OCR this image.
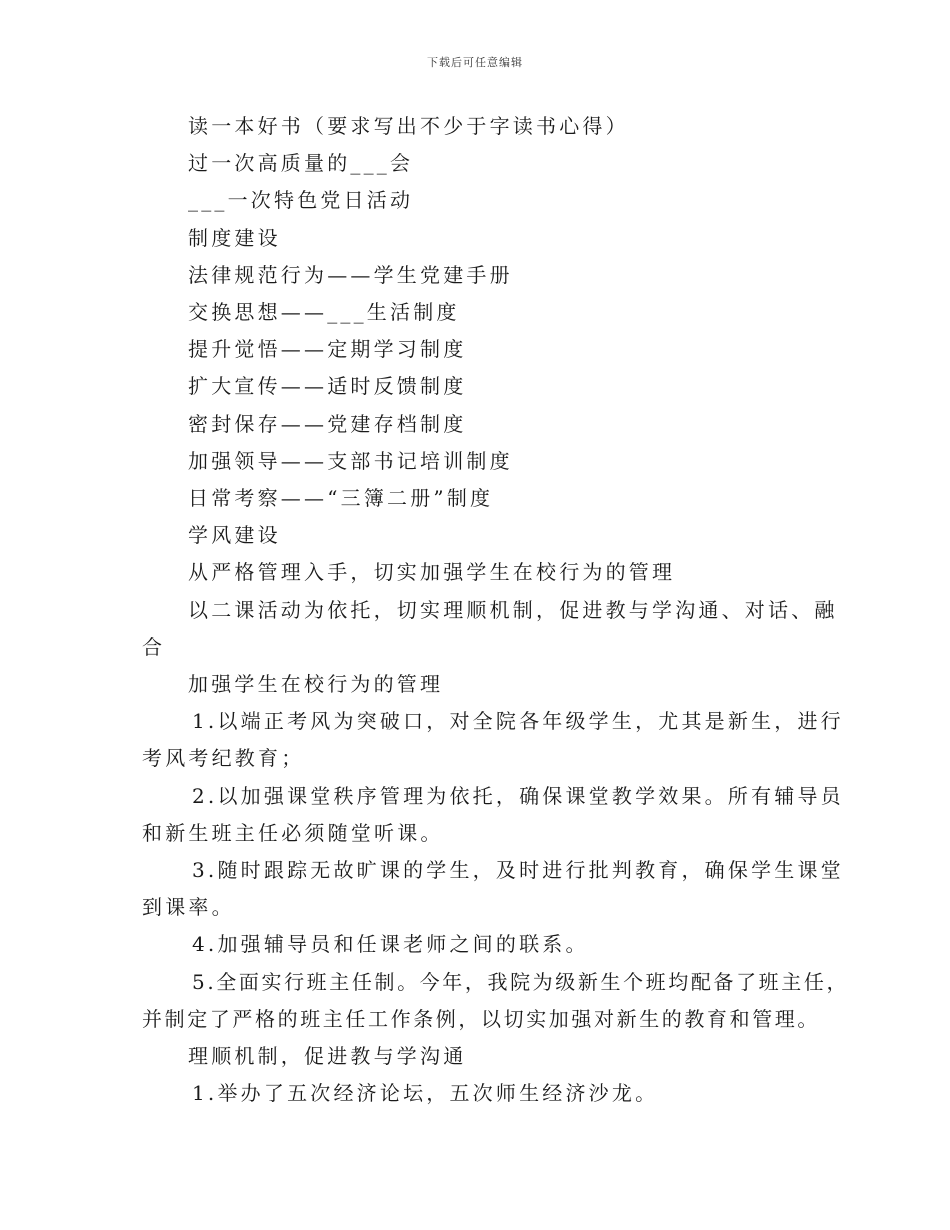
下载后可任意编辑
读一本好书（要求写出不少于字读书心得）
过一次高质量的___会
___一次特色党日活动
制度建设
法律规范行为——学生党建手册
交换思想——___生活制度
提升觉悟——定期学习制度
扩大宣传——适时反馈制度
密封保存——党建存档制度
加强领导——支部书记培训制度
日常考察——“三簿二册”制度
学风建设
从严格管理入手，切实加强学生在校行为的管理
以二课活动为依托，切实理顺机制，促进教与学沟通、对话、融
合
加强学生在校行为的管理
1.以端正考风为突破口，对全院各年级学生，尤其是新生，进行
考风考纪教育；
2.以加强课堂秩序管理为依托，确保课堂教学效果。所有辅导员
和新生班主任必须随堂听课。
3.随时跟踪无故旷课的学生，及时进行批判教育，确保学生课堂
到课率。
4.加强辅导员和任课老师之间的联系。
5.全面实行班主任制。今年，我院为级新生个班均配备了班主任，
并制定了严格的班主任工作条例，以切实加强对新生的教育和管理。
理顺机制，促进教与学沟通
1.举办了五次经济论坛，五次师生经济沙龙。
